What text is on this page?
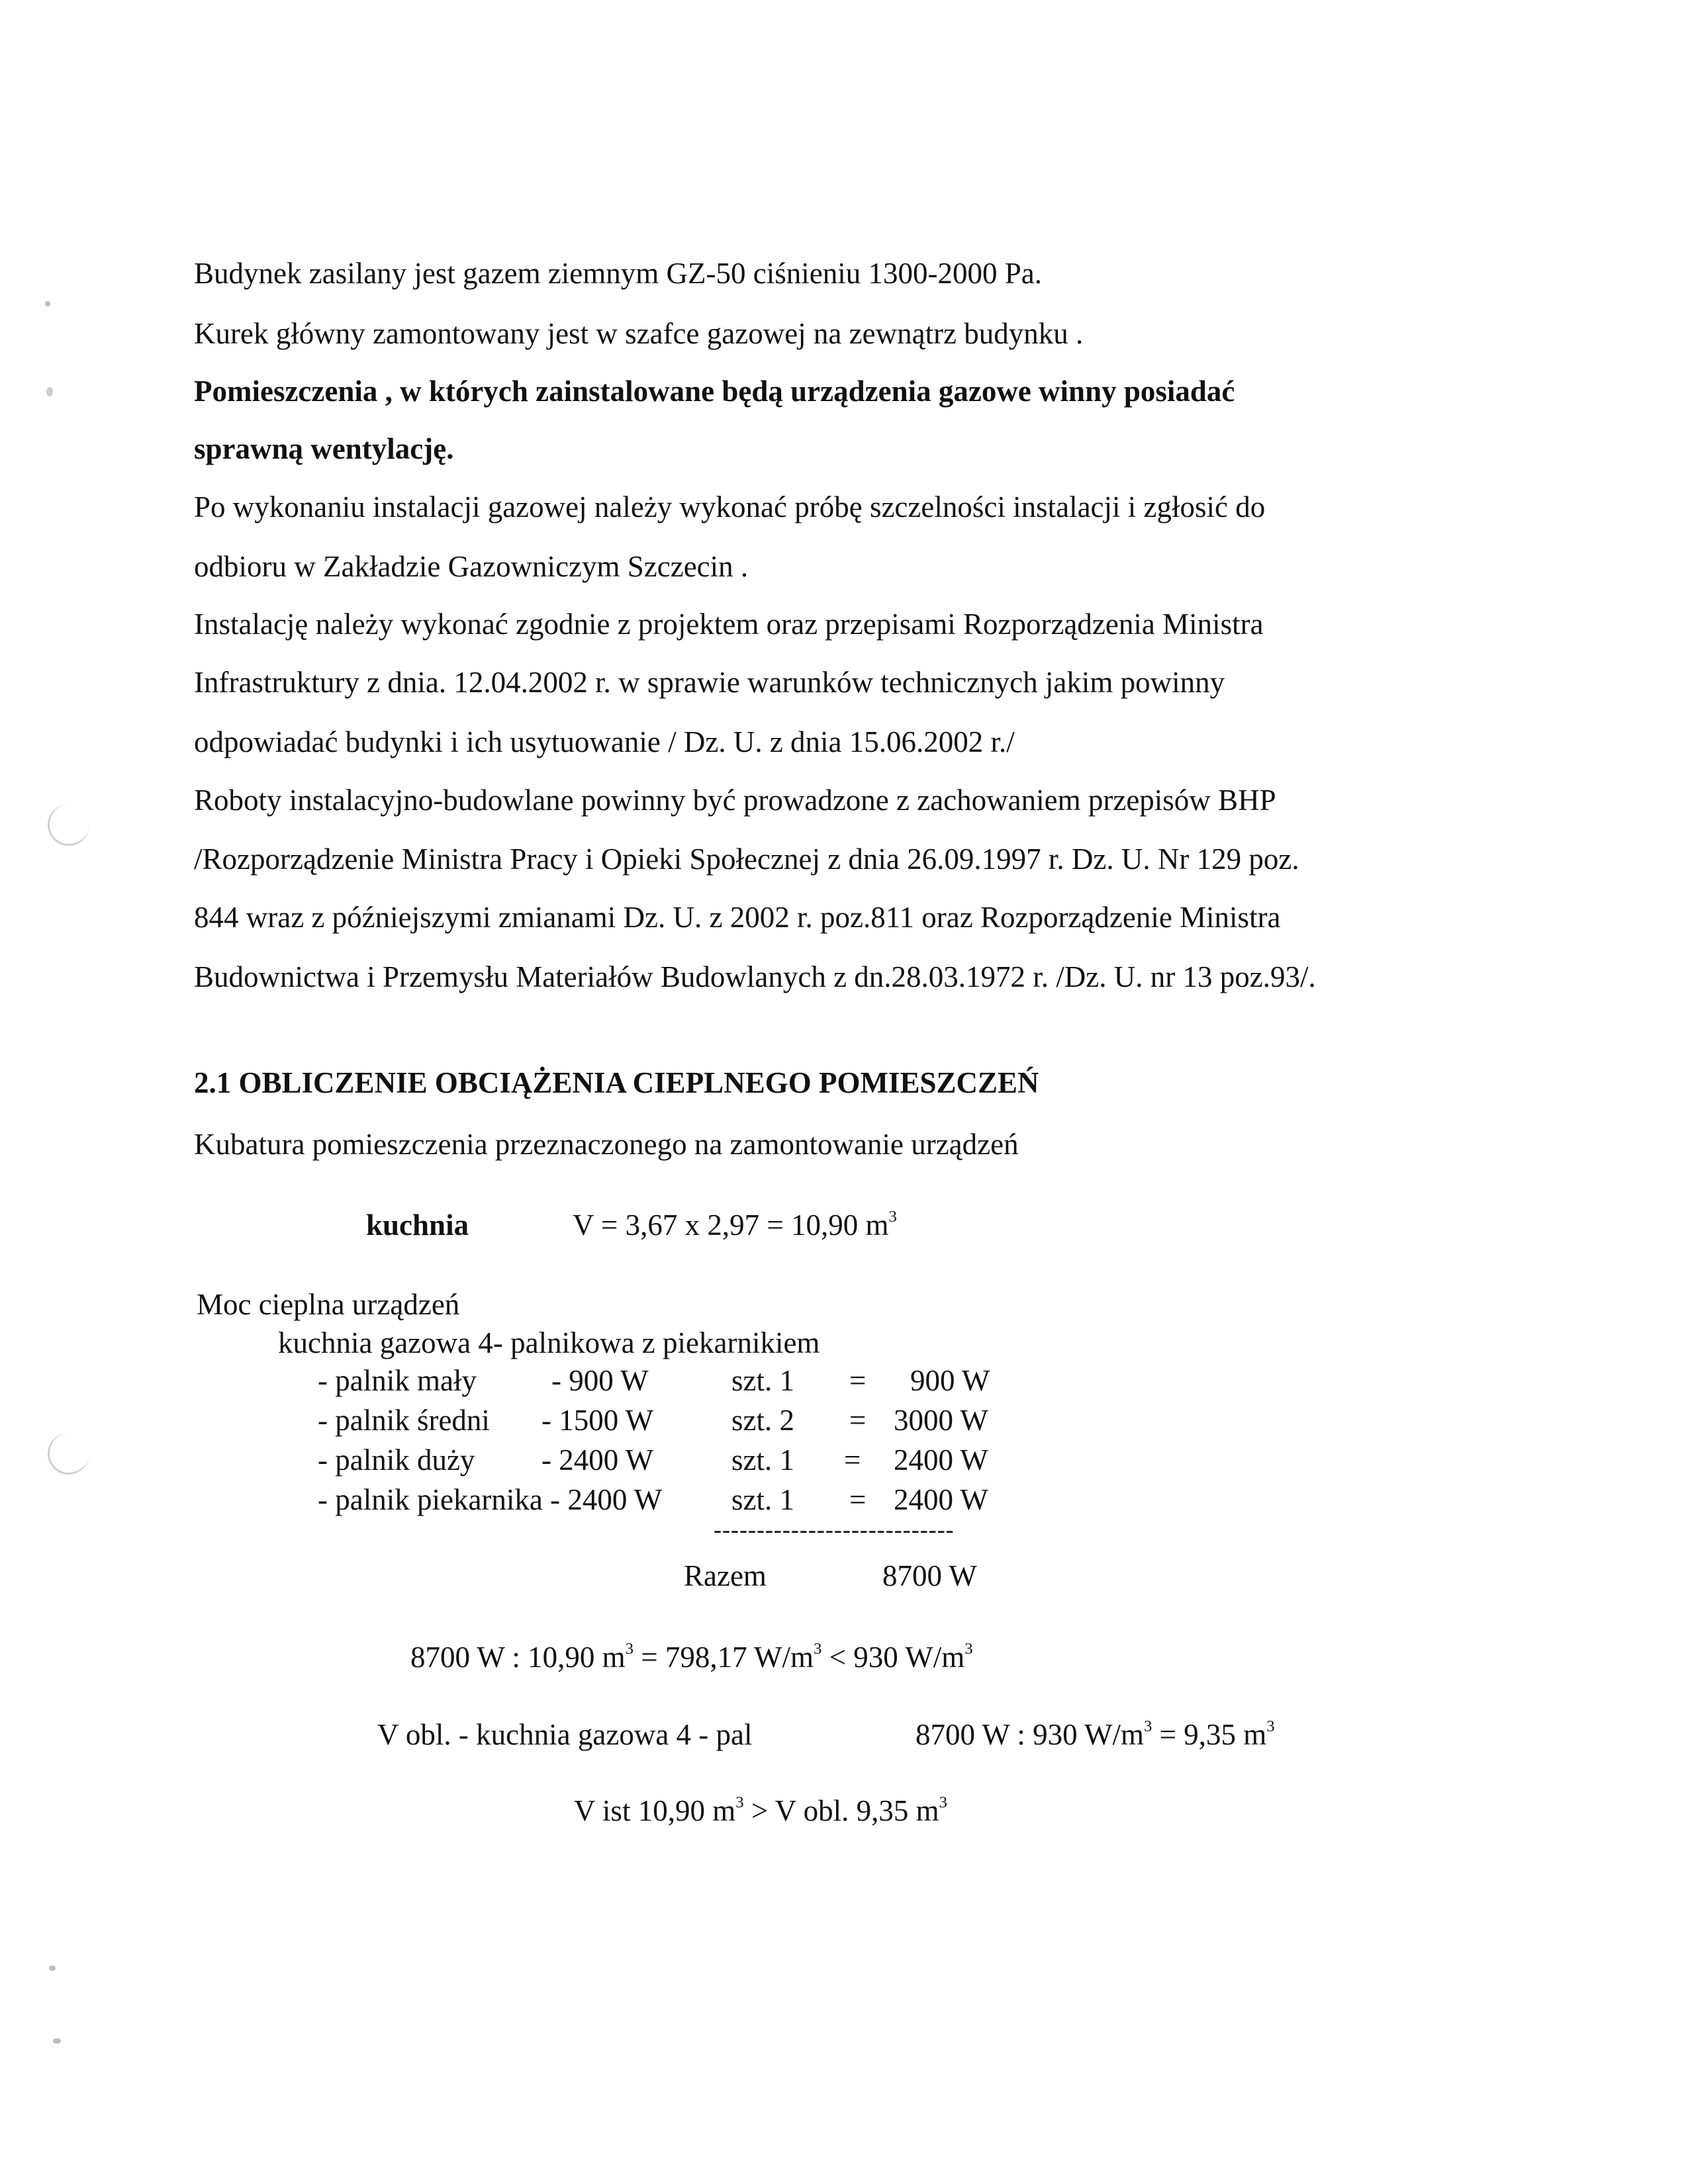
Budynek zasilany jest gazem ziemnym GZ-50 ciśnieniu 1300-2000 Pa.
Kurek główny zamontowany jest w szafce gazowej na zewnątrz budynku .
Pomieszczenia , w których zainstalowane będą urządzenia gazowe winny posiadać
sprawną wentylację.
Po wykonaniu instalacji gazowej należy wykonać próbę szczelności instalacji i zgłosić do
odbioru w Zakładzie Gazowniczym Szczecin .
Instalację należy wykonać zgodnie z projektem oraz przepisami Rozporządzenia Ministra
Infrastruktury z dnia. 12.04.2002 r. w sprawie warunków technicznych jakim powinny
odpowiadać budynki i ich usytuowanie / Dz. U. z dnia 15.06.2002 r./
Roboty instalacyjno-budowlane powinny być prowadzone z zachowaniem przepisów BHP
/Rozporządzenie Ministra Pracy i Opieki Społecznej z dnia 26.09.1997 r. Dz. U. Nr 129 poz.
844 wraz z późniejszymi zmianami Dz. U. z 2002 r. poz.811 oraz Rozporządzenie Ministra
Budownictwa i Przemysłu Materiałów Budowlanych z dn.28.03.1972 r. /Dz. U. nr 13 poz.93/.
2.1 OBLICZENIE OBCIĄŻENIA CIEPLNEGO POMIESZCZEŃ
Kubatura pomieszczenia przeznaczonego na zamontowanie urządzeń
kuchnia	V = 3,67 x 2,97 = 10,90 $m^3$
Moc cieplna urządzeń
kuchnia gazowa 4- palnikowa z piekarnikiem
- palnik mały	- 900 W	szt. 1 = 900 W
- palnik średni - 1500 W	szt. 2 = 3000 W
- palnik duży - 2400 W	szt. 1 = 2400 W
- palnik piekarnika - 2400 W szt. 1 = 2400 W
----------------------------
Razem	8700 W
8700 W : 10,90 $m^3 = 798,17$ $W/m^3 < 930$ $W/m^3$
V obl. - kuchnia gazowa 4 - pal	8700 W : 930 $W/m^3 = 9,35$ $m^3$
V ist 10,90 $m^3 > V$ obl. 9,35 $m^3$
